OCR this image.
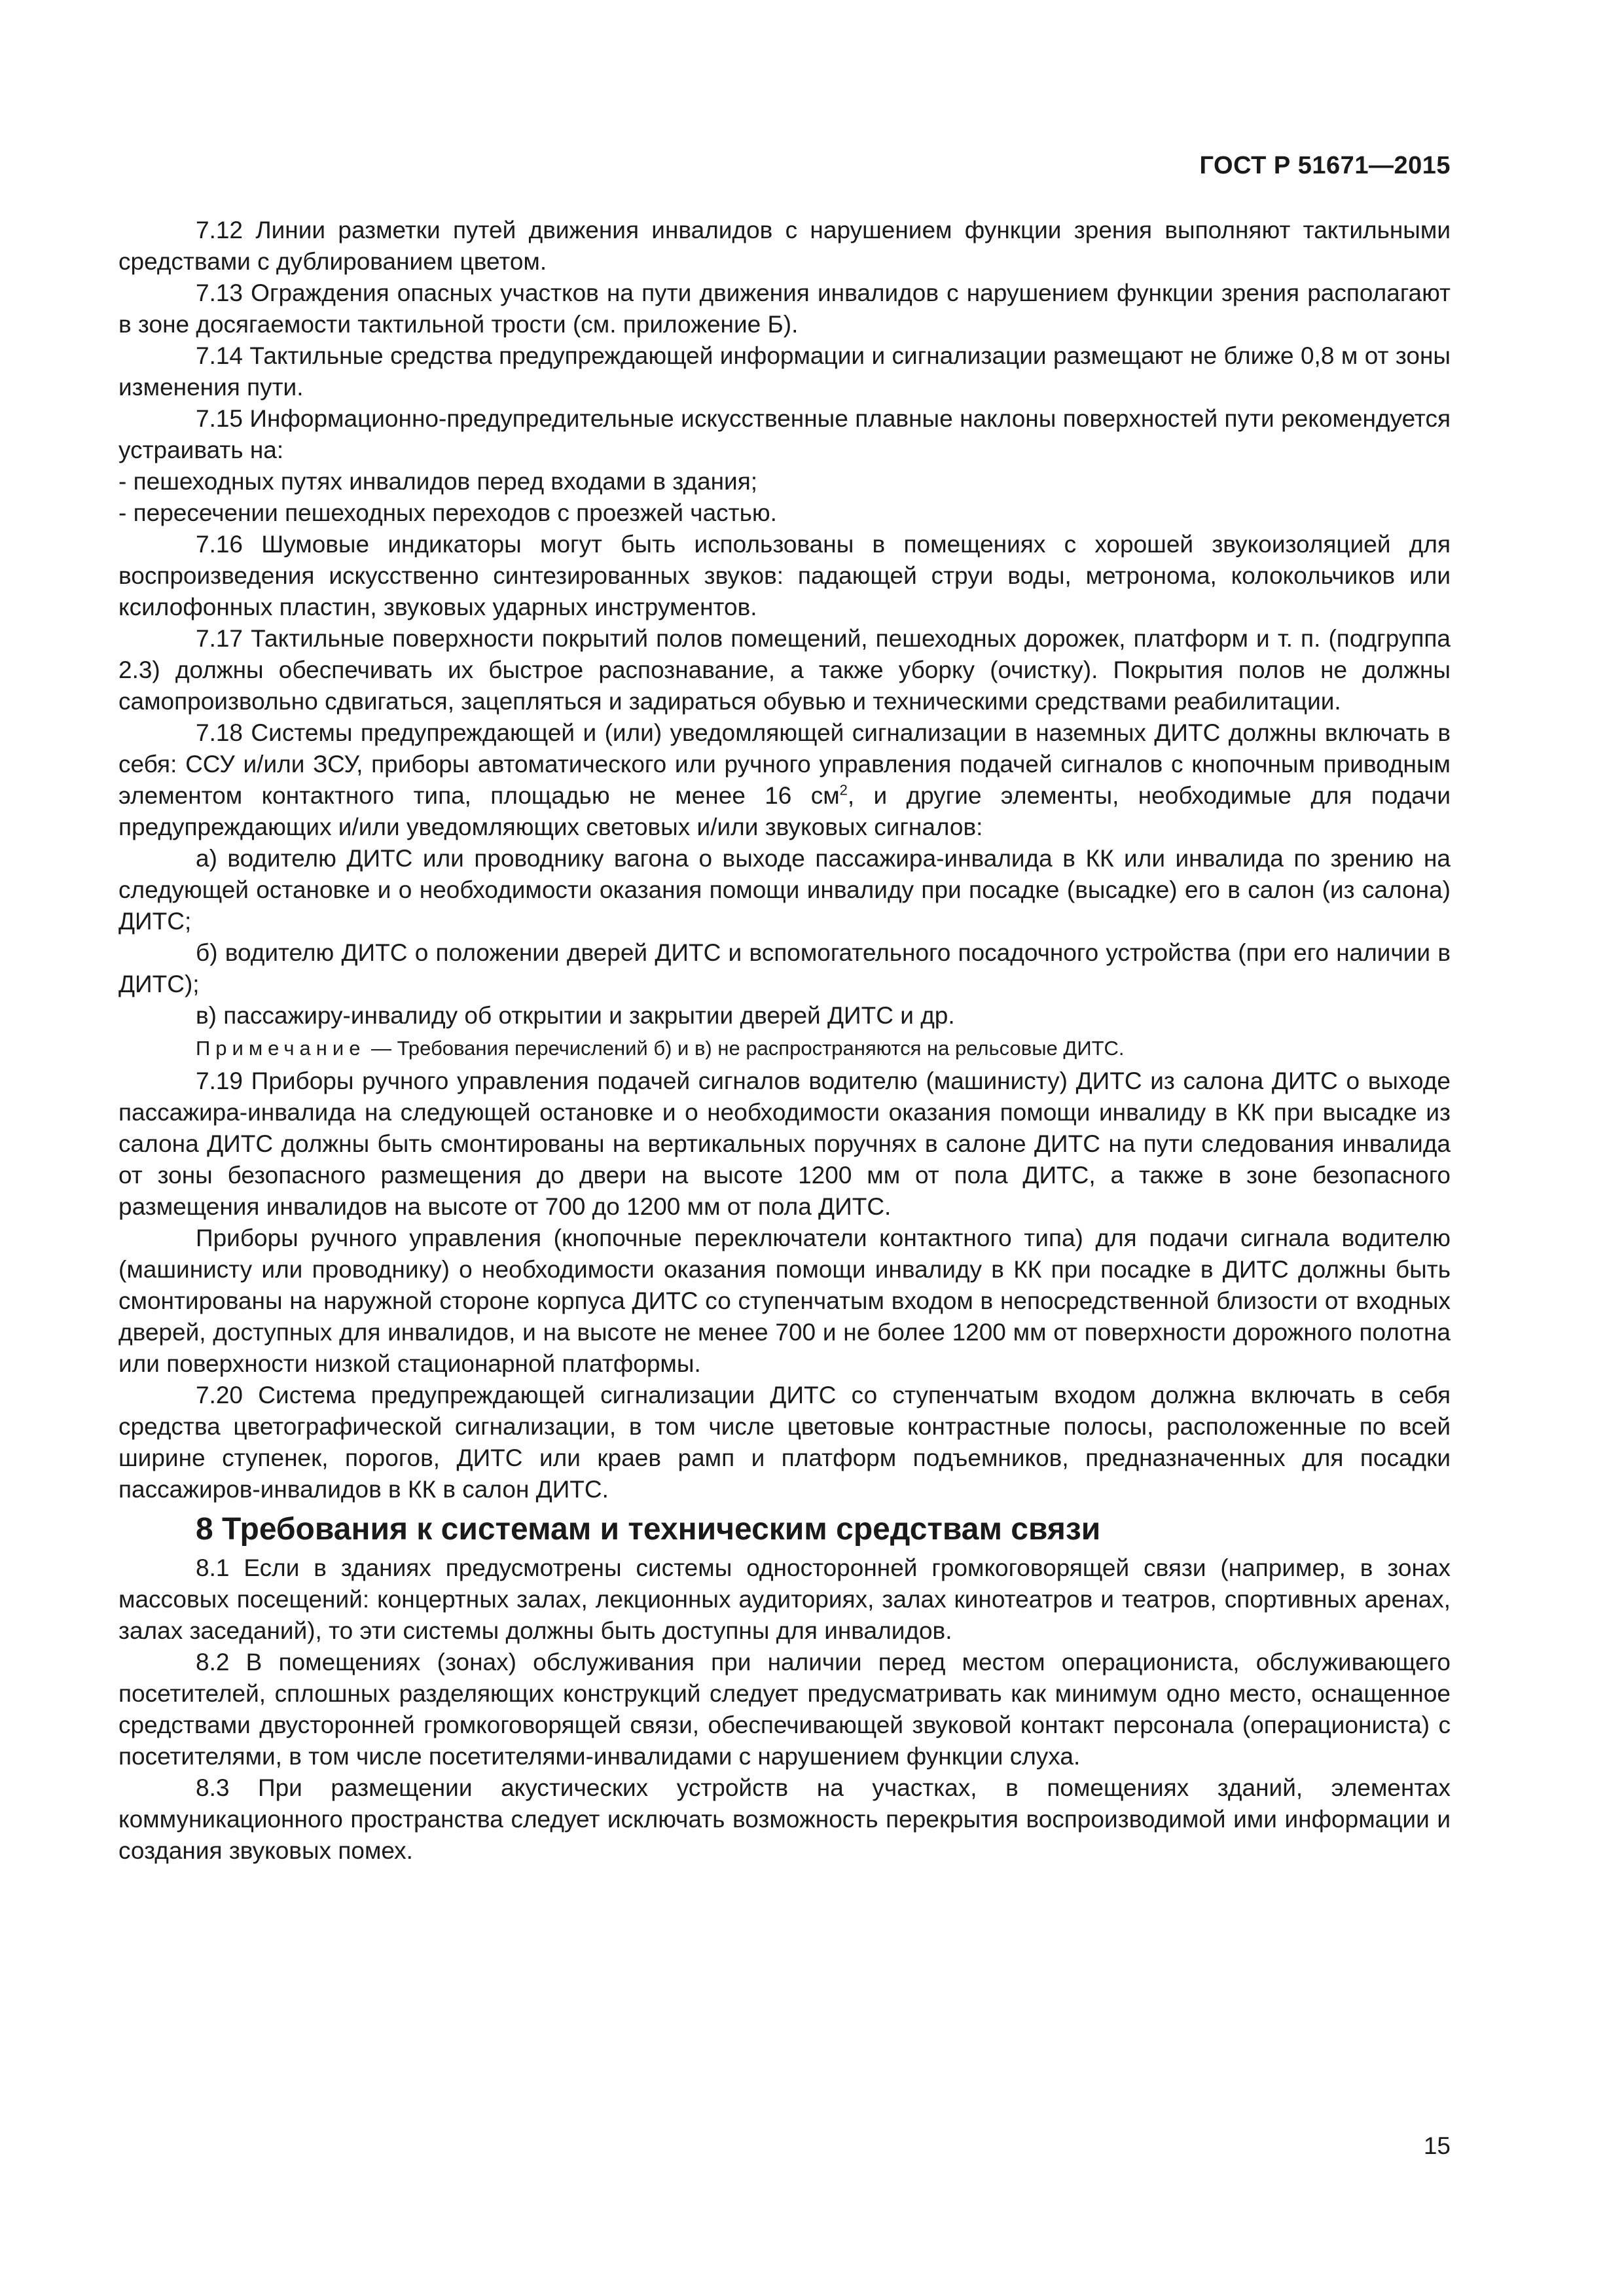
ГОСТ Р 51671—2015

7.12 Линии разметки путей движения инвалидов с нарушением функции зрения выполняют тактильными средствами с дублированием цветом.

7.13 Ограждения опасных участков на пути движения инвалидов с нарушением функции зрения располагают в зоне досягаемости тактильной трости (см. приложение Б).

7.14 Тактильные средства предупреждающей информации и сигнализации размещают не ближе 0,8 м от зоны изменения пути.

7.15 Информационно-предупредительные искусственные плавные наклоны поверхностей пути рекомендуется устраивать на:

- пешеходных путях инвалидов перед входами в здания;

- пересечении пешеходных переходов с проезжей частью.

7.16 Шумовые индикаторы могут быть использованы в помещениях с хорошей звукоизоляцией для воспроизведения искусственно синтезированных звуков: падающей струи воды, метронома, колокольчиков или ксилофонных пластин, звуковых ударных инструментов.

7.17 Тактильные поверхности покрытий полов помещений, пешеходных дорожек, платформ и т. п. (подгруппа 2.3) должны обеспечивать их быстрое распознавание, а также уборку (очистку). Покрытия полов не должны самопроизвольно сдвигаться, зацепляться и задираться обувью и техническими средствами реабилитации.

7.18 Системы предупреждающей и (или) уведомляющей сигнализации в наземных ДИТС должны включать в себя: ССУ и/или ЗСУ, приборы автоматического или ручного управления подачей сигналов с кнопочным приводным элементом контактного типа, площадью не менее 16 $см^2$, и другие элементы, необходимые для подачи предупреждающих и/или уведомляющих световых и/или звуковых сигналов:

а) водителю ДИТС или проводнику вагона о выходе пассажира-инвалида в КК или инвалида по зрению на следующей остановке и о необходимости оказания помощи инвалиду при посадке (высадке) его в салон (из салона) ДИТС;

б) водителю ДИТС о положении дверей ДИТС и вспомогательного посадочного устройства (при его наличии в ДИТС);

в) пассажиру-инвалиду об открытии и закрытии дверей ДИТС и др.

Примечание — Требования перечислений б) и в) не распространяются на рельсовые ДИТС.

7.19 Приборы ручного управления подачей сигналов водителю (машинисту) ДИТС из салона ДИТС о выходе пассажира-инвалида на следующей остановке и о необходимости оказания помощи инвалиду в КК при высадке из салона ДИТС должны быть смонтированы на вертикальных поручнях в салоне ДИТС на пути следования инвалида от зоны безопасного размещения до двери на высоте 1200 мм от пола ДИТС, а также в зоне безопасного размещения инвалидов на высоте от 700 до 1200 мм от пола ДИТС.

Приборы ручного управления (кнопочные переключатели контактного типа) для подачи сигнала водителю (машинисту или проводнику) о необходимости оказания помощи инвалиду в КК при посадке в ДИТС должны быть смонтированы на наружной стороне корпуса ДИТС со ступенчатым входом в непосредственной близости от входных дверей, доступных для инвалидов, и на высоте не менее 700 и не более 1200 мм от поверхности дорожного полотна или поверхности низкой стационарной платформы.

7.20 Система предупреждающей сигнализации ДИТС со ступенчатым входом должна включать в себя средства цветографической сигнализации, в том числе цветовые контрастные полосы, расположенные по всей ширине ступенек, порогов, ДИТС или краев рамп и платформ подъемников, предназначенных для посадки пассажиров-инвалидов в КК в салон ДИТС.

8 Требования к системам и техническим средствам связи

8.1 Если в зданиях предусмотрены системы односторонней громкоговорящей связи (например, в зонах массовых посещений: концертных залах, лекционных аудиториях, залах кинотеатров и театров, спортивных аренах, залах заседаний), то эти системы должны быть доступны для инвалидов.

8.2 В помещениях (зонах) обслуживания при наличии перед местом операциониста, обслуживающего посетителей, сплошных разделяющих конструкций следует предусматривать как минимум одно место, оснащенное средствами двусторонней громкоговорящей связи, обеспечивающей звуковой контакт персонала (операциониста) с посетителями, в том числе посетителями-инвалидами с нарушением функции слуха.

8.3 При размещении акустических устройств на участках, в помещениях зданий, элементах коммуникационного пространства следует исключать возможность перекрытия воспроизводимой ими информации и создания звуковых помех.

15
